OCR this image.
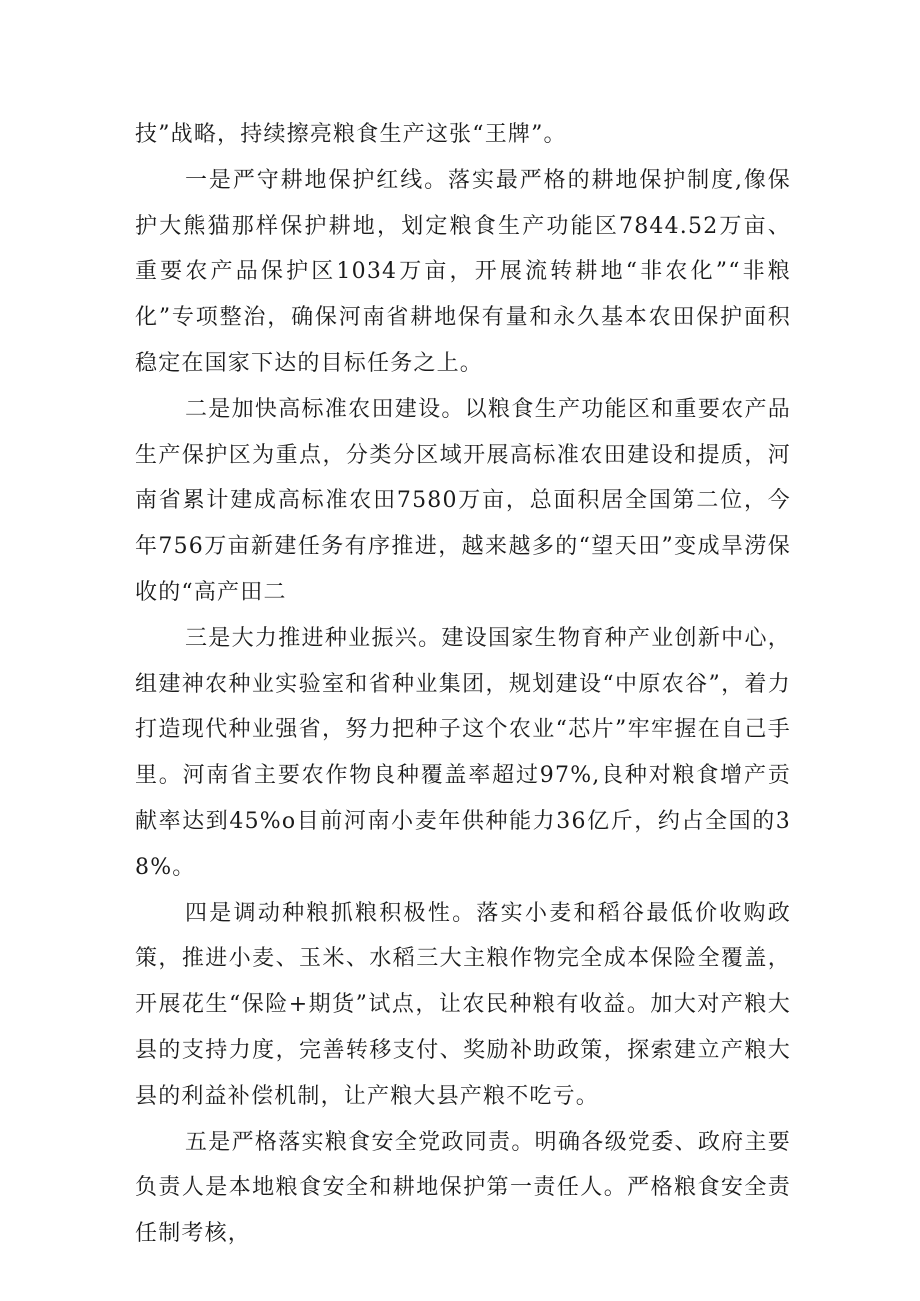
技”战略，持续擦亮粮食生产这张“王牌”。

一是严守耕地保护红线。落实最严格的耕地保护制度,像保护大熊猫那样保护耕地，划定粮食生产功能区7844.52万亩、重要农产品保护区1034万亩，开展流转耕地“非农化”“非粮化”专项整治，确保河南省耕地保有量和永久基本农田保护面积稳定在国家下达的目标任务之上。

二是加快高标准农田建设。以粮食生产功能区和重要农产品生产保护区为重点，分类分区域开展高标准农田建设和提质，河南省累计建成高标准农田7580万亩，总面积居全国第二位，今年756万亩新建任务有序推进，越来越多的“望天田”变成旱涝保收的“高产田二

三是大力推进种业振兴。建设国家生物育种产业创新中心，组建神农种业实验室和省种业集团，规划建设“中原农谷”，着力打造现代种业强省，努力把种子这个农业“芯片”牢牢握在自己手里。河南省主要农作物良种覆盖率超过97%,良种对粮食增产贡献率达到45%o目前河南小麦年供种能力36亿斤，约占全国的38%。

四是调动种粮抓粮积极性。落实小麦和稻谷最低价收购政策，推进小麦、玉米、水稻三大主粮作物完全成本保险全覆盖，开展花生“保险+期货”试点，让农民种粮有收益。加大对产粮大县的支持力度，完善转移支付、奖励补助政策，探索建立产粮大县的利益补偿机制，让产粮大县产粮不吃亏。

五是严格落实粮食安全党政同责。明确各级党委、政府主要负责人是本地粮食安全和耕地保护第一责任人。严格粮食安全责任制考核，
